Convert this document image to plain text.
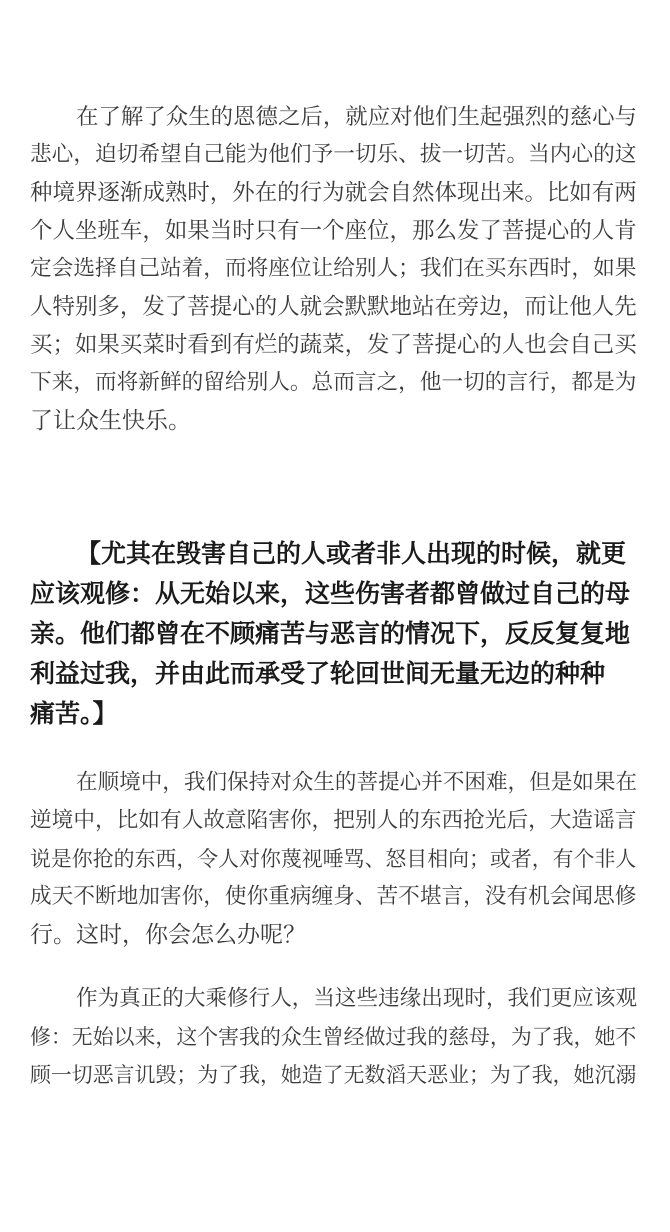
在了解了众生的恩德之后，就应对他们生起强烈的慈心与
悲心，迫切希望自己能为他们予一切乐、拔一切苦。当内心的这
种境界逐渐成熟时，外在的行为就会自然体现出来。比如有两
个人坐班车，如果当时只有一个座位，那么发了菩提心的人肯
定会选择自己站着，而将座位让给别人；我们在买东西时，如果
人特别多，发了菩提心的人就会默默地站在旁边，而让他人先
买；如果买菜时看到有烂的蔬菜，发了菩提心的人也会自己买
下来，而将新鲜的留给别人。总而言之，他一切的言行，都是为
了让众生快乐。
【尤其在毁害自己的人或者非人出现的时候，就更
应该观修：从无始以来，这些伤害者都曾做过自己的母
亲。他们都曾在不顾痛苦与恶言的情况下，反反复复地
利益过我，并由此而承受了轮回世间无量无边的种种
痛苦。】
在顺境中，我们保持对众生的菩提心并不困难，但是如果在
逆境中，比如有人故意陷害你，把别人的东西抢光后，大造谣言
说是你抢的东西，令人对你蔑视唾骂、怒目相向；或者，有个非人
成天不断地加害你，使你重病缠身、苦不堪言，没有机会闻思修
行。这时，你会怎么办呢？
作为真正的大乘修行人，当这些违缘出现时，我们更应该观
修：无始以来，这个害我的众生曾经做过我的慈母，为了我，她不
顾一切恶言讥毁；为了我，她造了无数滔天恶业；为了我，她沉溺
